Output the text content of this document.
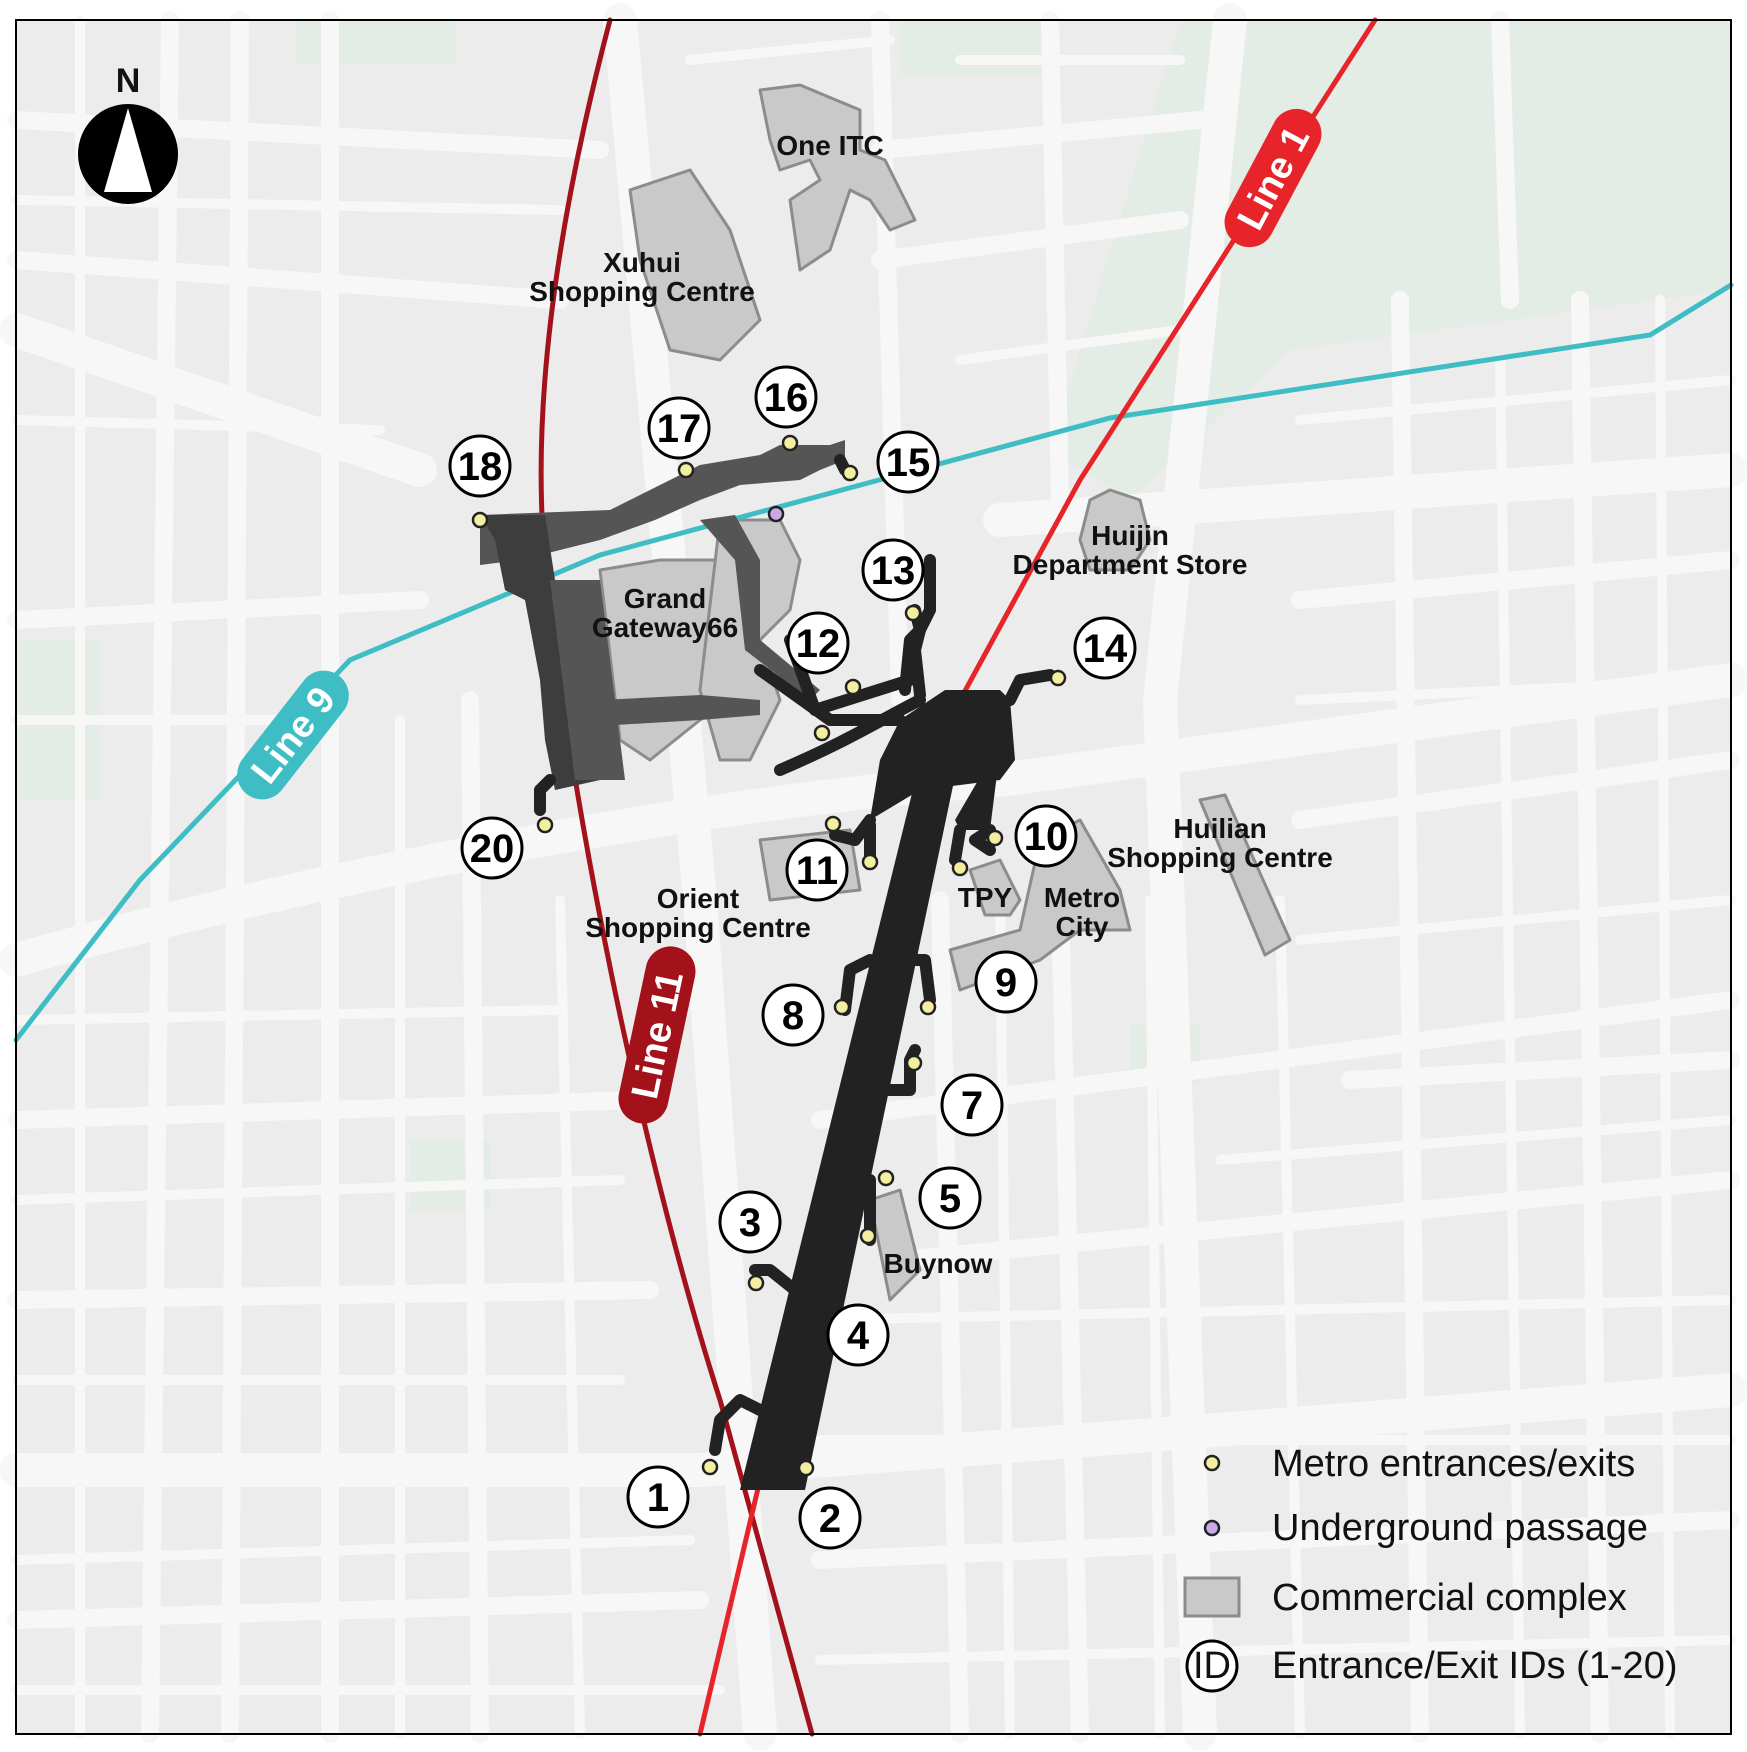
N
Line 1
Line 9
Line 11
One ITC
Xuhui Shopping Centre
Grand Gateway66
Huijin Department Store
Huilian Shopping Centre
Orient Shopping Centre
TPY Metro City
Buynow
1	2
3
4
5
7
8
9
10
11
12
13
14
15
16
17
18
20
Metro entrances/exits
Underground passage
Commercial complex
ID Entrance/Exit IDs (1-20)
